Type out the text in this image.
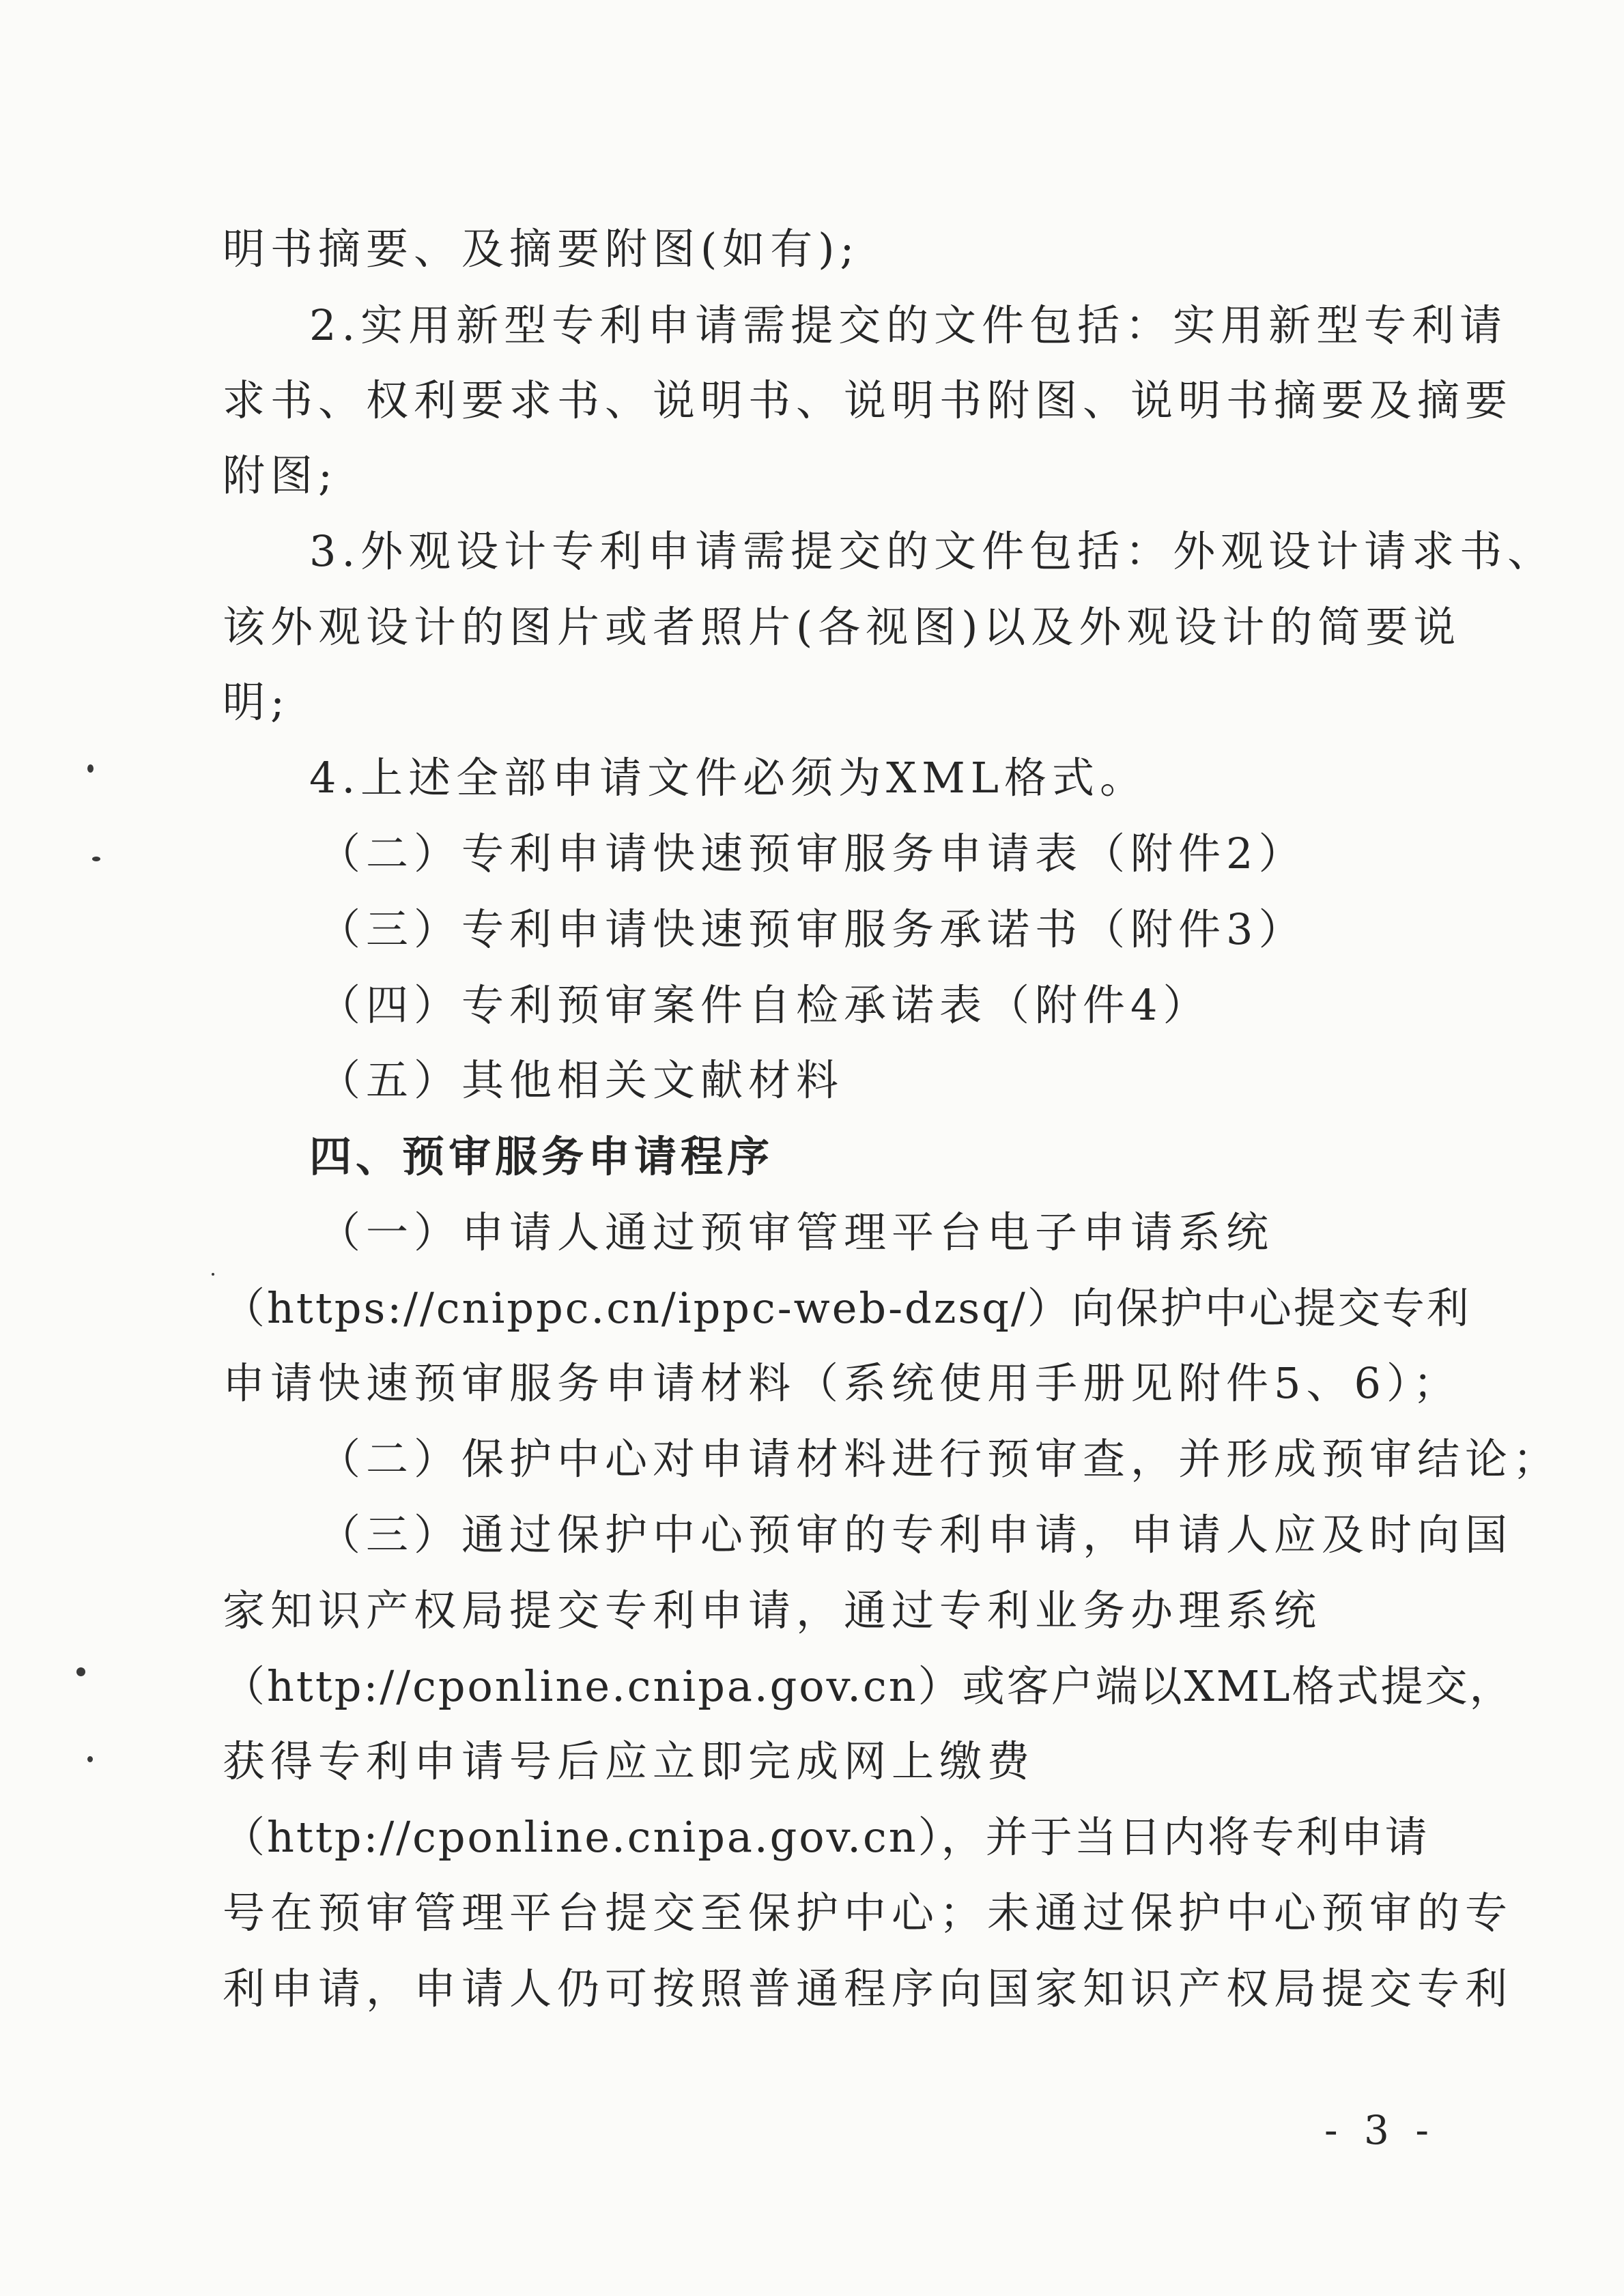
明书摘要、及摘要附图(如有);
2.实用新型专利申请需提交的文件包括：实用新型专利请
求书、权利要求书、说明书、说明书附图、说明书摘要及摘要
附图;
3.外观设计专利申请需提交的文件包括：外观设计请求书、
该外观设计的图片或者照片(各视图)以及外观设计的简要说
明;
4.上述全部申请文件必须为XML格式。
（二）专利申请快速预审服务申请表（附件2）
（三）专利申请快速预审服务承诺书（附件3）
（四）专利预审案件自检承诺表（附件4）
（五）其他相关文献材料
四、预审服务申请程序
（一）申请人通过预审管理平台电子申请系统
（https://cnippc.cn/ippc-web-dzsq/）向保护中心提交专利
申请快速预审服务申请材料（系统使用手册见附件5、6）；
（二）保护中心对申请材料进行预审查，并形成预审结论；
（三）通过保护中心预审的专利申请，申请人应及时向国
家知识产权局提交专利申请，通过专利业务办理系统
（http://cponline.cnipa.gov.cn）或客户端以XML格式提交，
获得专利申请号后应立即完成网上缴费
（http://cponline.cnipa.gov.cn），并于当日内将专利申请
号在预审管理平台提交至保护中心；未通过保护中心预审的专
利申请，申请人仍可按照普通程序向国家知识产权局提交专利
- 3 -
